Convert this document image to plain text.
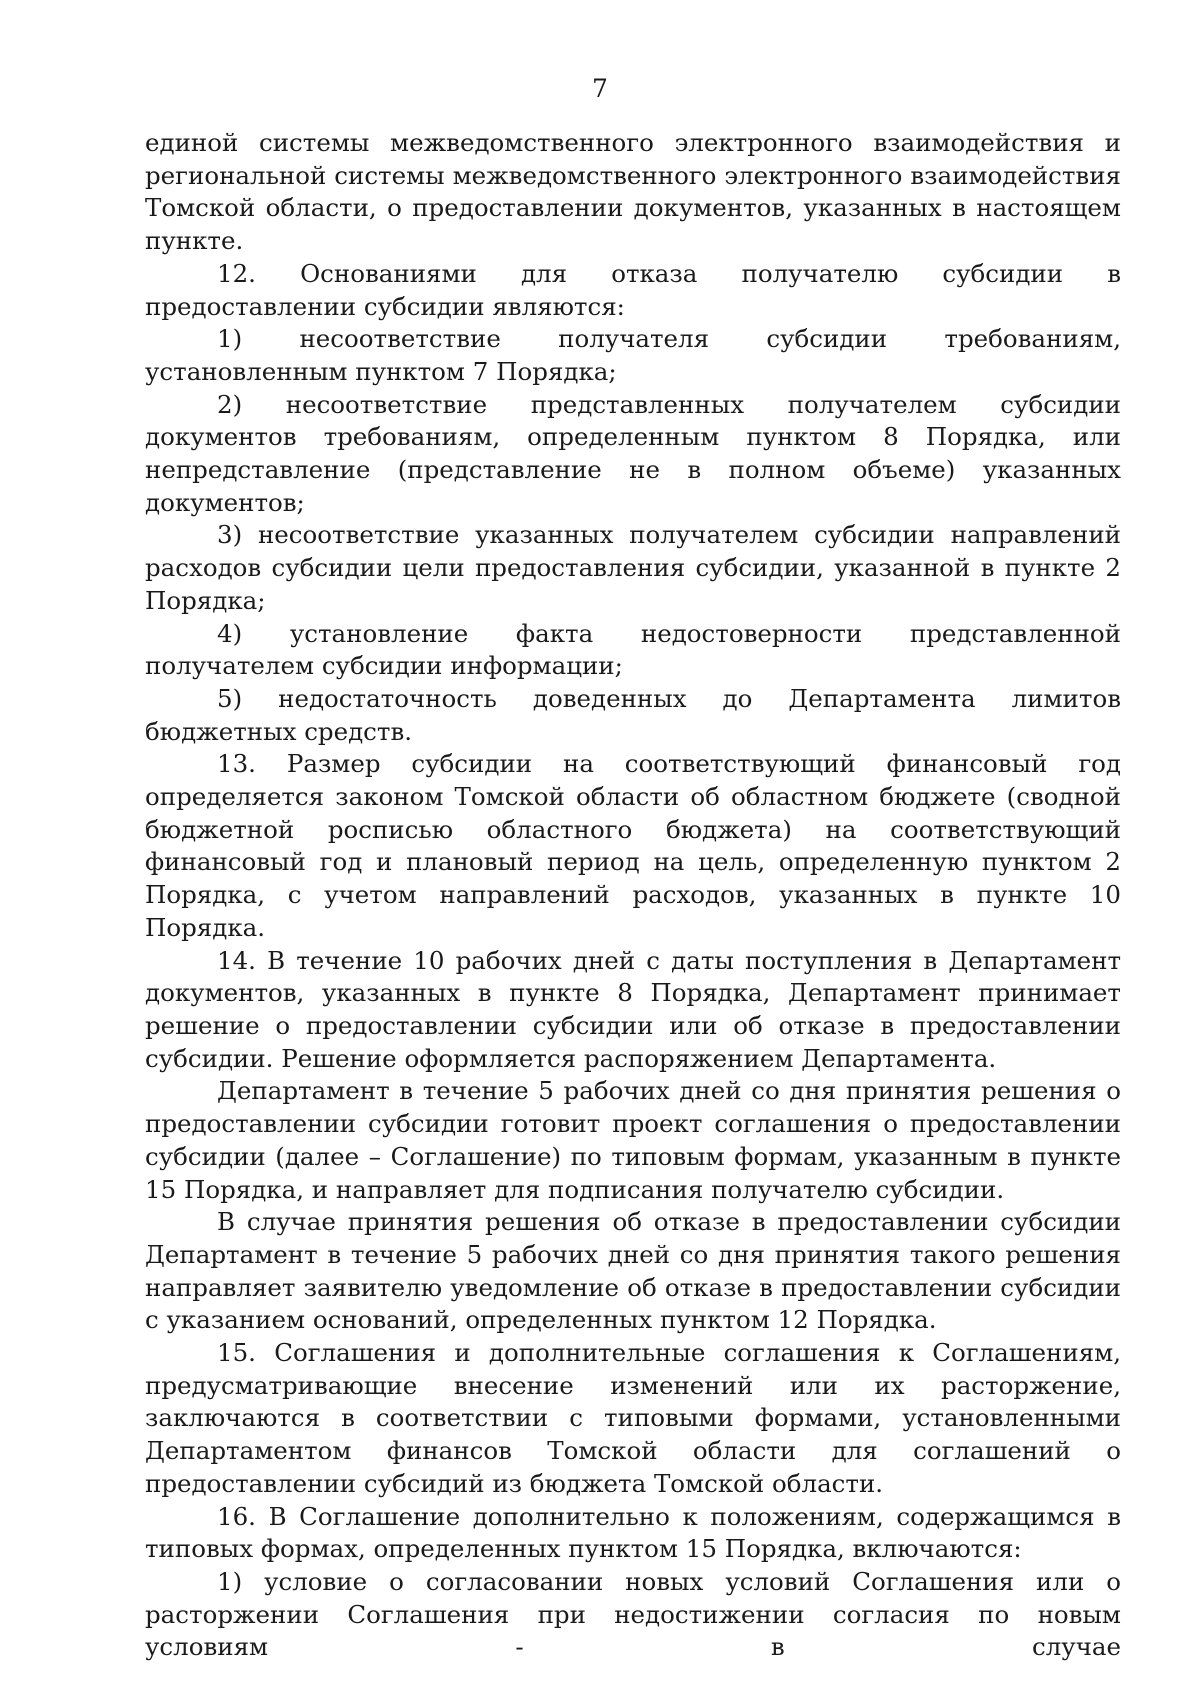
7

единой системы межведомственного электронного взаимодействия и региональной системы межведомственного электронного взаимодействия Томской области, о предоставлении документов, указанных в настоящем пункте.

12. Основаниями для отказа получателю субсидии в предоставлении субсидии являются:

1) несоответствие получателя субсидии требованиям, установленным пунктом 7 Порядка;

2) несоответствие представленных получателем субсидии документов требованиям, определенным пунктом 8 Порядка, или непредставление (представление не в полном объеме) указанных документов;

3) несоответствие указанных получателем субсидии направлений расходов субсидии цели предоставления субсидии, указанной в пункте 2 Порядка;

4) установление факта недостоверности представленной получателем субсидии информации;

5) недостаточность доведенных до Департамента лимитов бюджетных средств.

13. Размер субсидии на соответствующий финансовый год определяется законом Томской области об областном бюджете (сводной бюджетной росписью областного бюджета) на соответствующий финансовый год и плановый период на цель, определенную пунктом 2 Порядка, с учетом направлений расходов, указанных в пункте 10 Порядка.

14. В течение 10 рабочих дней с даты поступления в Департамент документов, указанных в пункте 8 Порядка, Департамент принимает решение о предоставлении субсидии или об отказе в предоставлении субсидии. Решение оформляется распоряжением Департамента.

Департамент в течение 5 рабочих дней со дня принятия решения о предоставлении субсидии готовит проект соглашения о предоставлении субсидии (далее – Соглашение) по типовым формам, указанным в пункте 15 Порядка, и направляет для подписания получателю субсидии.

В случае принятия решения об отказе в предоставлении субсидии Департамент в течение 5 рабочих дней со дня принятия такого решения направляет заявителю уведомление об отказе в предоставлении субсидии с указанием оснований, определенных пунктом 12 Порядка.

15. Соглашения и дополнительные соглашения к Соглашениям, предусматривающие внесение изменений или их расторжение, заключаются в соответствии с типовыми формами, установленными Департаментом финансов Томской области для соглашений о предоставлении субсидий из бюджета Томской области.

16. В Соглашение дополнительно к положениям, содержащимся в типовых формах, определенных пунктом 15 Порядка, включаются:

1) условие о согласовании новых условий Соглашения или о расторжении Соглашения при недостижении согласия по новым условиям - в случае
